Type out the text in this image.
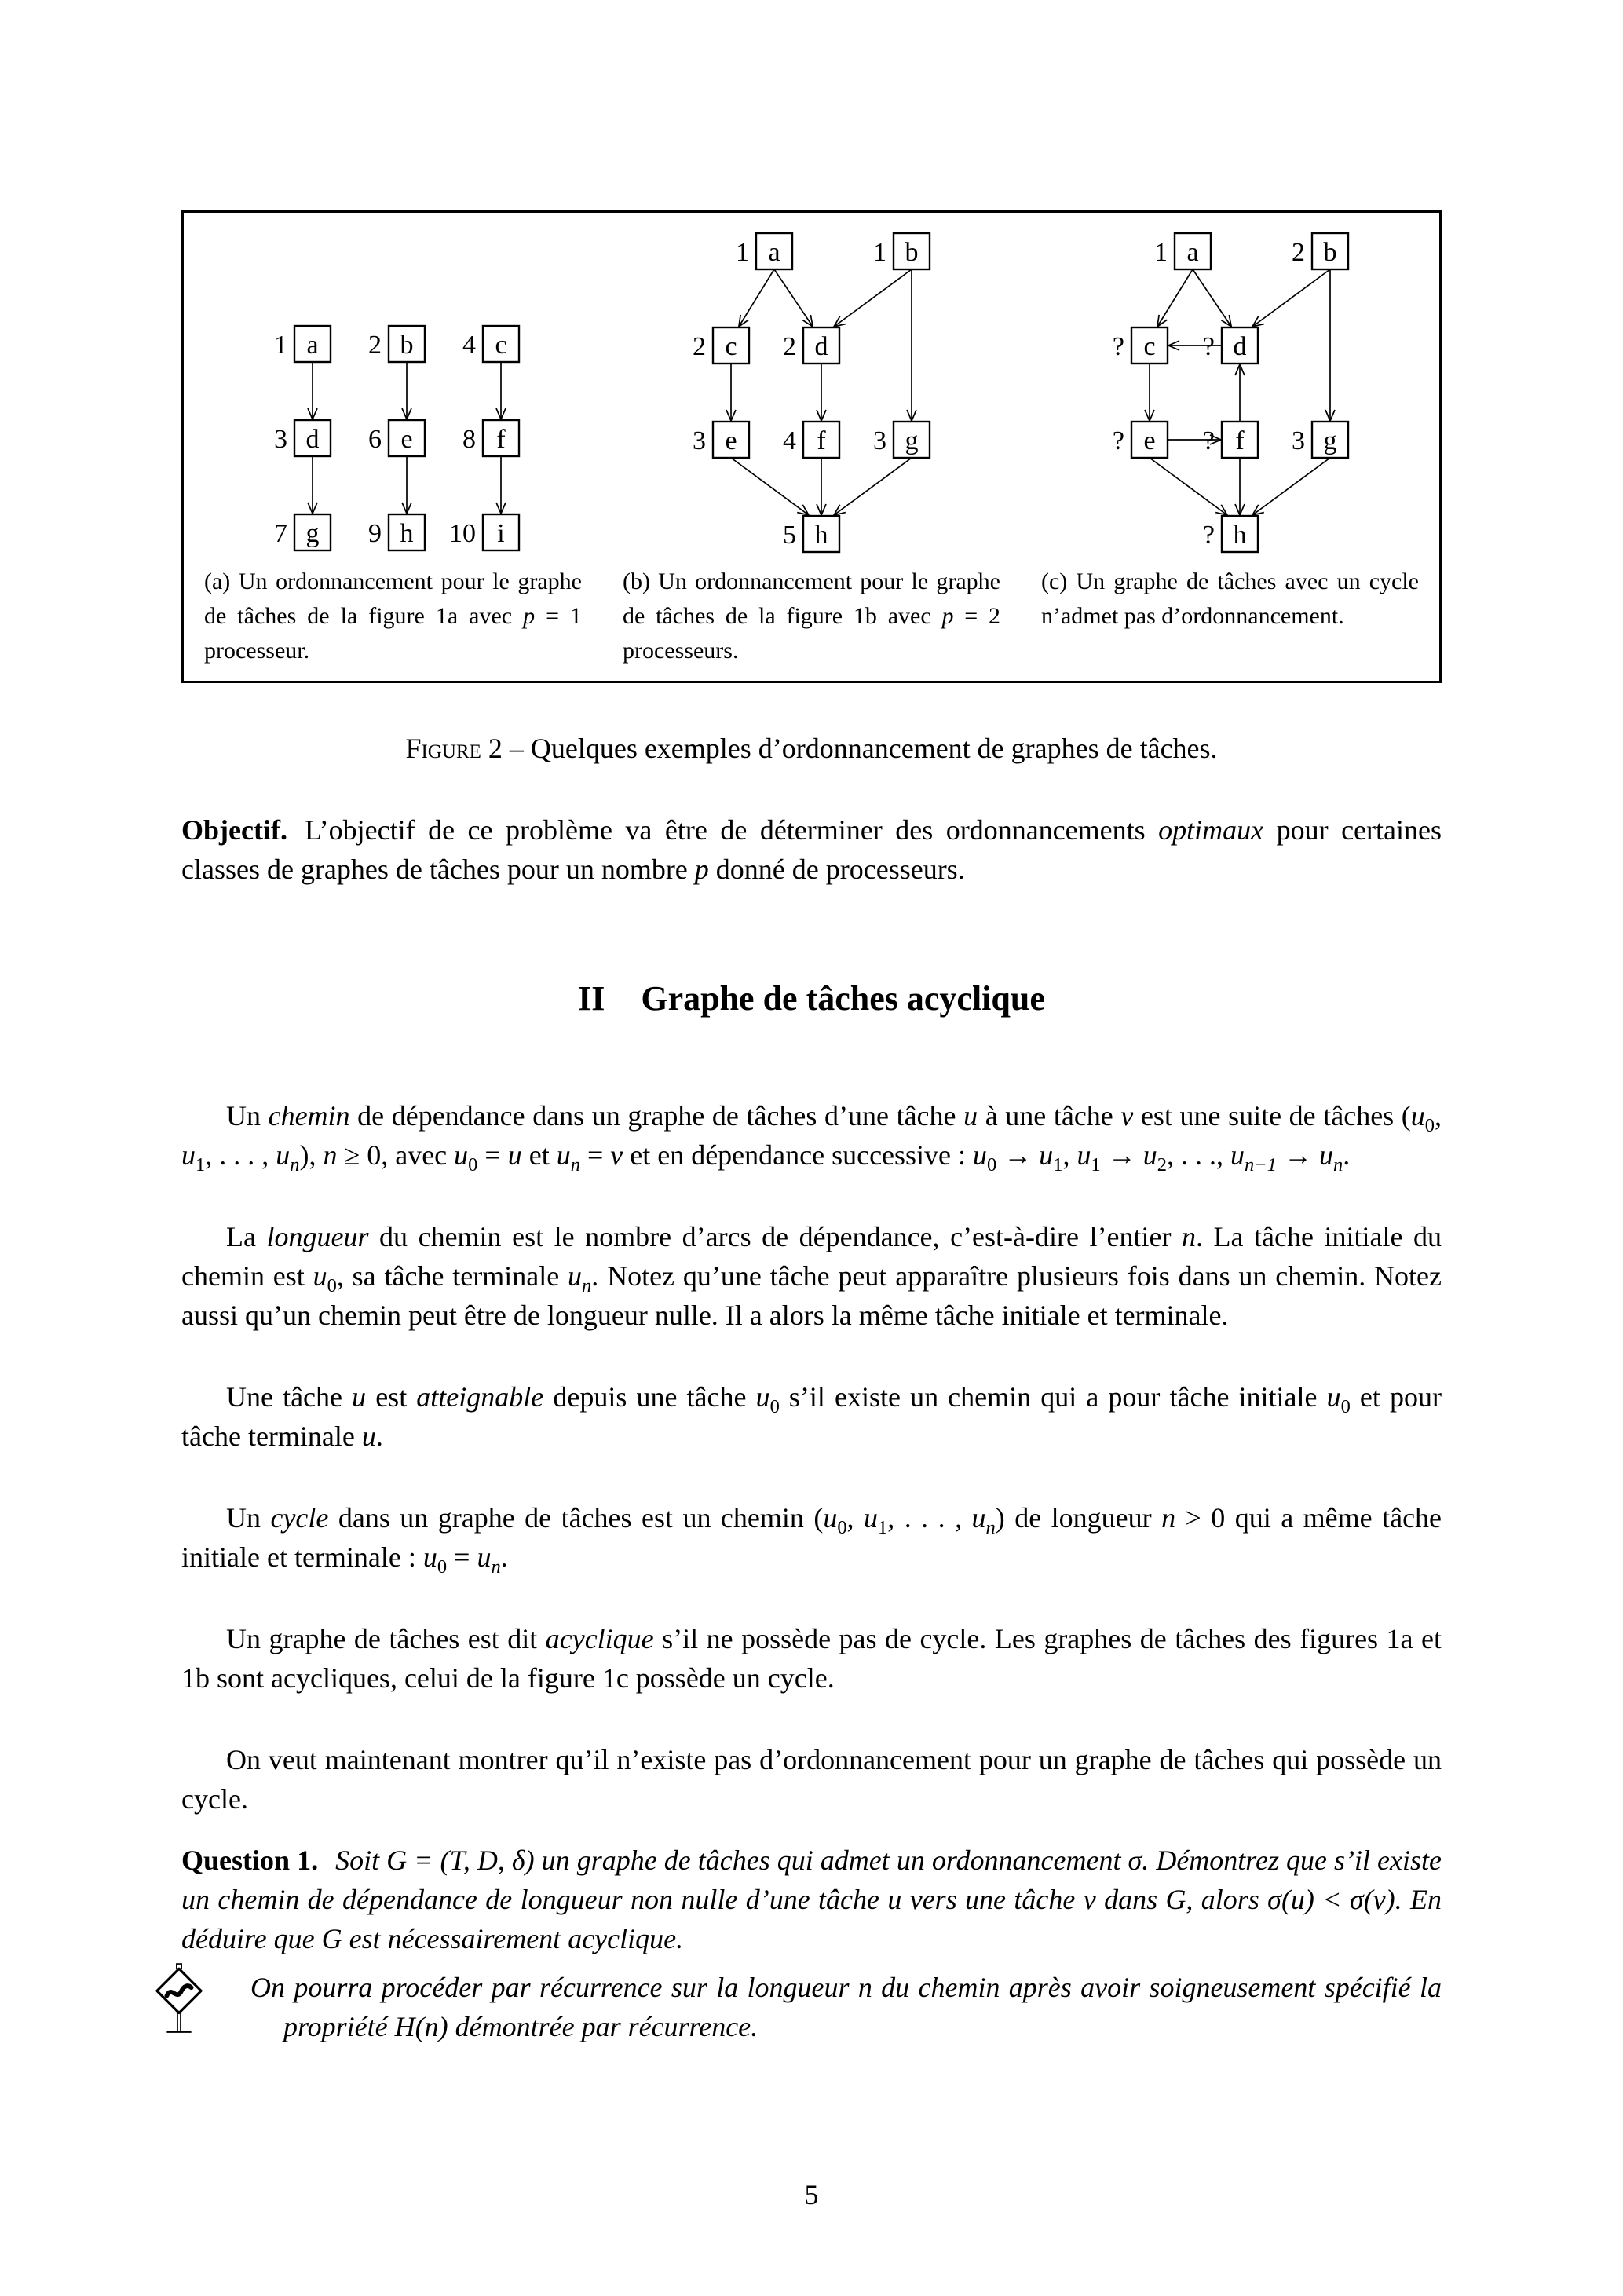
a
1	b
2	c
4
d
3	e
6	f
8
g
7	h
9	i
10
(a) Un ordonnancement pour le graphe de tâches de la figure 1a avec p = 1 processeur.
a
1	b
1
c
2	d
2
e
3	f
4	g
3
h
5
(b) Un ordonnancement pour le graphe de tâches de la figure 1b avec p = 2 processeurs.
a
1	b
2
c
?	d
?
e
?	f
?	g
3
h
?
(c) Un graphe de tâches avec un cycle n’admet pas d’ordonnancement.
Figure 2 – Quelques exemples d’ordonnancement de graphes de tâches.

Objectif. L’objectif de ce problème va être de déterminer des ordonnancements optimaux pour certaines classes de graphes de tâches pour un nombre p donné de processeurs.

II Graphe de tâches acyclique

Un chemin de dépendance dans un graphe de tâches d’une tâche u à une tâche v est une suite de tâches ($u_0$, $u_1$, . . . , $u_n$), n ≥ 0, avec $u_0 = u$ et $u_n = v$ et en dépendance successive : $u_0 \to u_1$, $u_1 \to u_2$, . . ., $u_{n-1} \to u_n$.

La longueur du chemin est le nombre d’arcs de dépendance, c’est-à-dire l’entier n. La tâche initiale du chemin est $u_0$, sa tâche terminale $u_n$. Notez qu’une tâche peut apparaître plusieurs fois dans un chemin. Notez aussi qu’un chemin peut être de longueur nulle. Il a alors la même tâche initiale et terminale.

Une tâche u est atteignable depuis une tâche $u_0$ s’il existe un chemin qui a pour tâche initiale $u_0$ et pour tâche terminale u.

Un cycle dans un graphe de tâches est un chemin ($u_0$, $u_1$, . . . , $u_n$) de longueur n > 0 qui a même tâche initiale et terminale : $u_0 = u_n$.

Un graphe de tâches est dit acyclique s’il ne possède pas de cycle. Les graphes de tâches des figures 1a et 1b sont acycliques, celui de la figure 1c possède un cycle.

On veut maintenant montrer qu’il n’existe pas d’ordonnancement pour un graphe de tâches qui possède un cycle.

Question 1. Soit G = (T, D, δ) un graphe de tâches qui admet un ordonnancement σ. Démontrez que s’il existe un chemin de dépendance de longueur non nulle d’une tâche u vers une tâche v dans G, alors σ(u) < σ(v). En déduire que G est nécessairement acyclique.

On pourra procéder par récurrence sur la longueur n du chemin après avoir soigneusement spécifié la propriété H(n) démontrée par récurrence.
5
